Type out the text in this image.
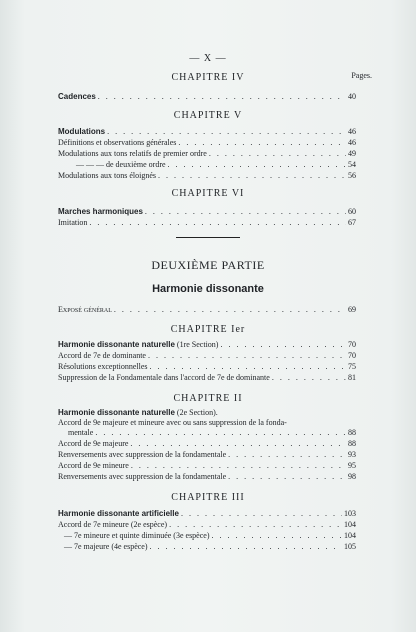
— X —
Pages.
CHAPITRE IV
Cadences . . .	40
CHAPITRE V
Modulations . . .	46
Définitions et observations générales . . .	46
Modulations aux tons relatifs de premier ordre . . .	49
— — — de deuxième ordre . . .	54
Modulations aux tons éloignés . . .	56
CHAPITRE VI
Marches harmoniques . . .	60
Imitation . . .	67
DEUXIÈME PARTIE
Harmonie dissonante
Exposé général . . .	69
CHAPITRE Ier
Harmonie dissonante naturelle (1re Section) . . .	70
Accord de 7e de dominante . . .	70
Résolutions exceptionnelles . . .	75
Suppression de la Fondamentale dans l'accord de 7e de dominante . . .	81
CHAPITRE II
Harmonie dissonante naturelle (2e Section).
Accord de 9e majeure et mineure avec ou sans suppression de la fonda-
mentale . . .	88
Accord de 9e majeure . . .	88
Renversements avec suppression de la fondamentale . . .	93
Accord de 9e mineure . . .	95
Renversements avec suppression de la fondamentale . . .	98
CHAPITRE III
Harmonie dissonante artificielle . . .	103
Accord de 7e mineure (2e espèce) . . .	104
— 7e mineure et quinte diminuée (3e espèce) . . .	104
— 7e majeure (4e espèce) . . .	105
